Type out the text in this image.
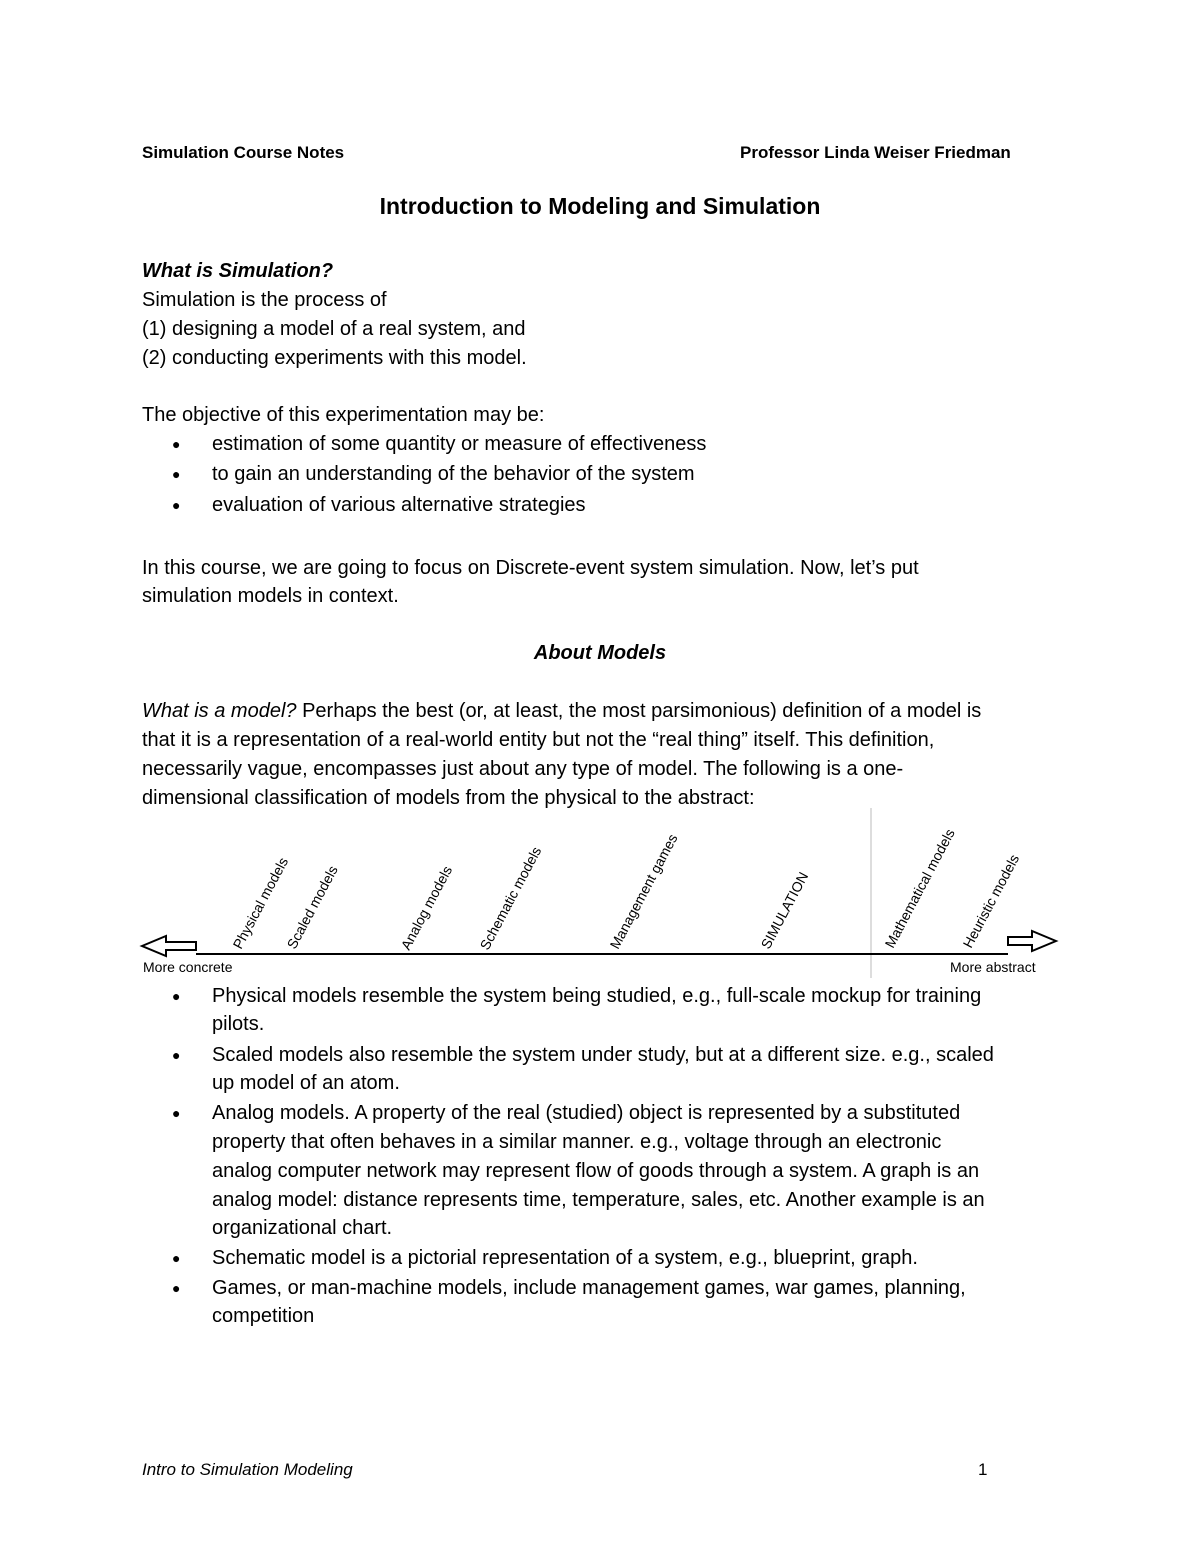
Simulation Course Notes	Professor Linda Weiser Friedman
Introduction to Modeling and Simulation
What is Simulation?
Simulation is the process of
(1) designing a model of a real system, and
(2) conducting experiments with this model.
The objective of this experimentation may be:
● estimation of some quantity or measure of effectiveness
● to gain an understanding of the behavior of the system
● evaluation of various alternative strategies
In this course, we are going to focus on Discrete-event system simulation. Now, let’s put
simulation models in context.
About Models
What is a model? Perhaps the best (or, at least, the most parsimonious) definition of a model is
that it is a representation of a real-world entity but not the “real thing” itself. This definition,
necessarily vague, encompasses just about any type of model. The following is a one-
dimensional classification of models from the physical to the abstract:
More concrete	More abstract
Physical models
Scaled models	Analog models Schematic models	Management games	SIMULATION	Mathematical models Heuristic models
● Physical models resemble the system being studied, e.g., full-scale mockup for training
pilots.
● Scaled models also resemble the system under study, but at a different size. e.g., scaled
up model of an atom.
● Analog models. A property of the real (studied) object is represented by a substituted
property that often behaves in a similar manner. e.g., voltage through an electronic
analog computer network may represent flow of goods through a system. A graph is an
analog model: distance represents time, temperature, sales, etc. Another example is an
organizational chart.
● Schematic model is a pictorial representation of a system, e.g., blueprint, graph.
● Games, or man-machine models, include management games, war games, planning,
competition
Intro to Simulation Modeling	1
